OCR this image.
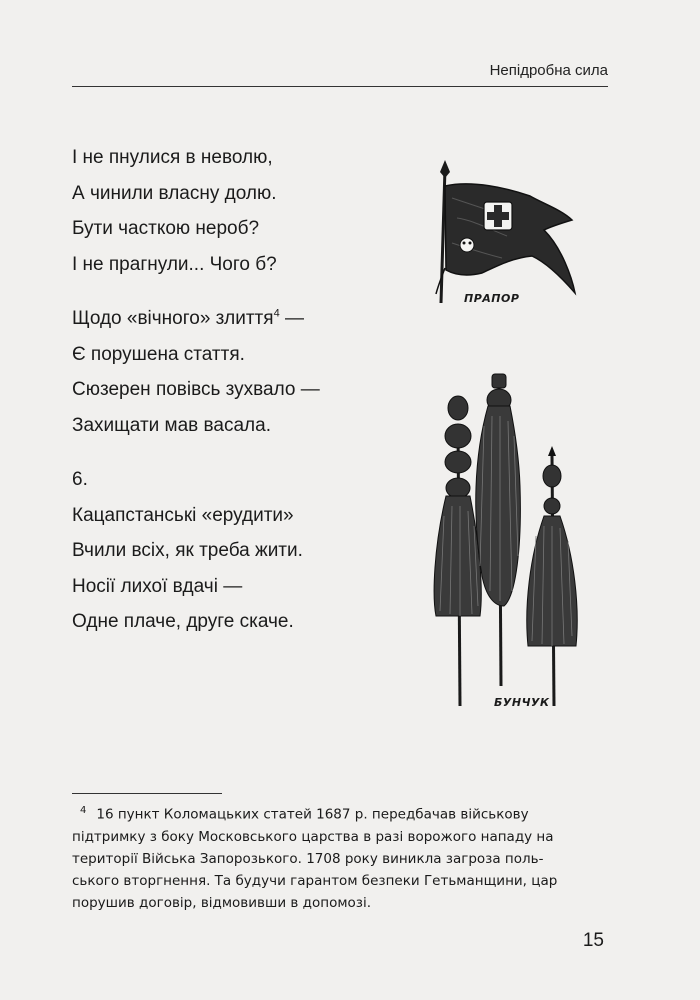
Непідробна сила
І не пнулися в неволю,
А чинили власну долю.
Бути часткою нероб?
І не прагнули... Чого б?
Щодо «вічного» злиття$^4$ —
Є порушена стаття.
Сюзерен повівсь зухвало —
Захищати мав васала.
6.
Кацапстанські «ерудити»
Вчили всіх, як треба жити.
Носії лихої вдачі —
Одне плаче, друге скаче.
ПРАПОР
БУНЧУК
$^4$ 16 пункт Коломацьких статей 1687 р. передбачав військову
підтримку з боку Московського царства в разі ворожого нападу на
території Війська Запорозького. 1708 року виникла загроза поль-
ського вторгнення. Та будучи гарантом безпеки Гетьманщини, цар
порушив договір, відмовивши в допомозі.
15
